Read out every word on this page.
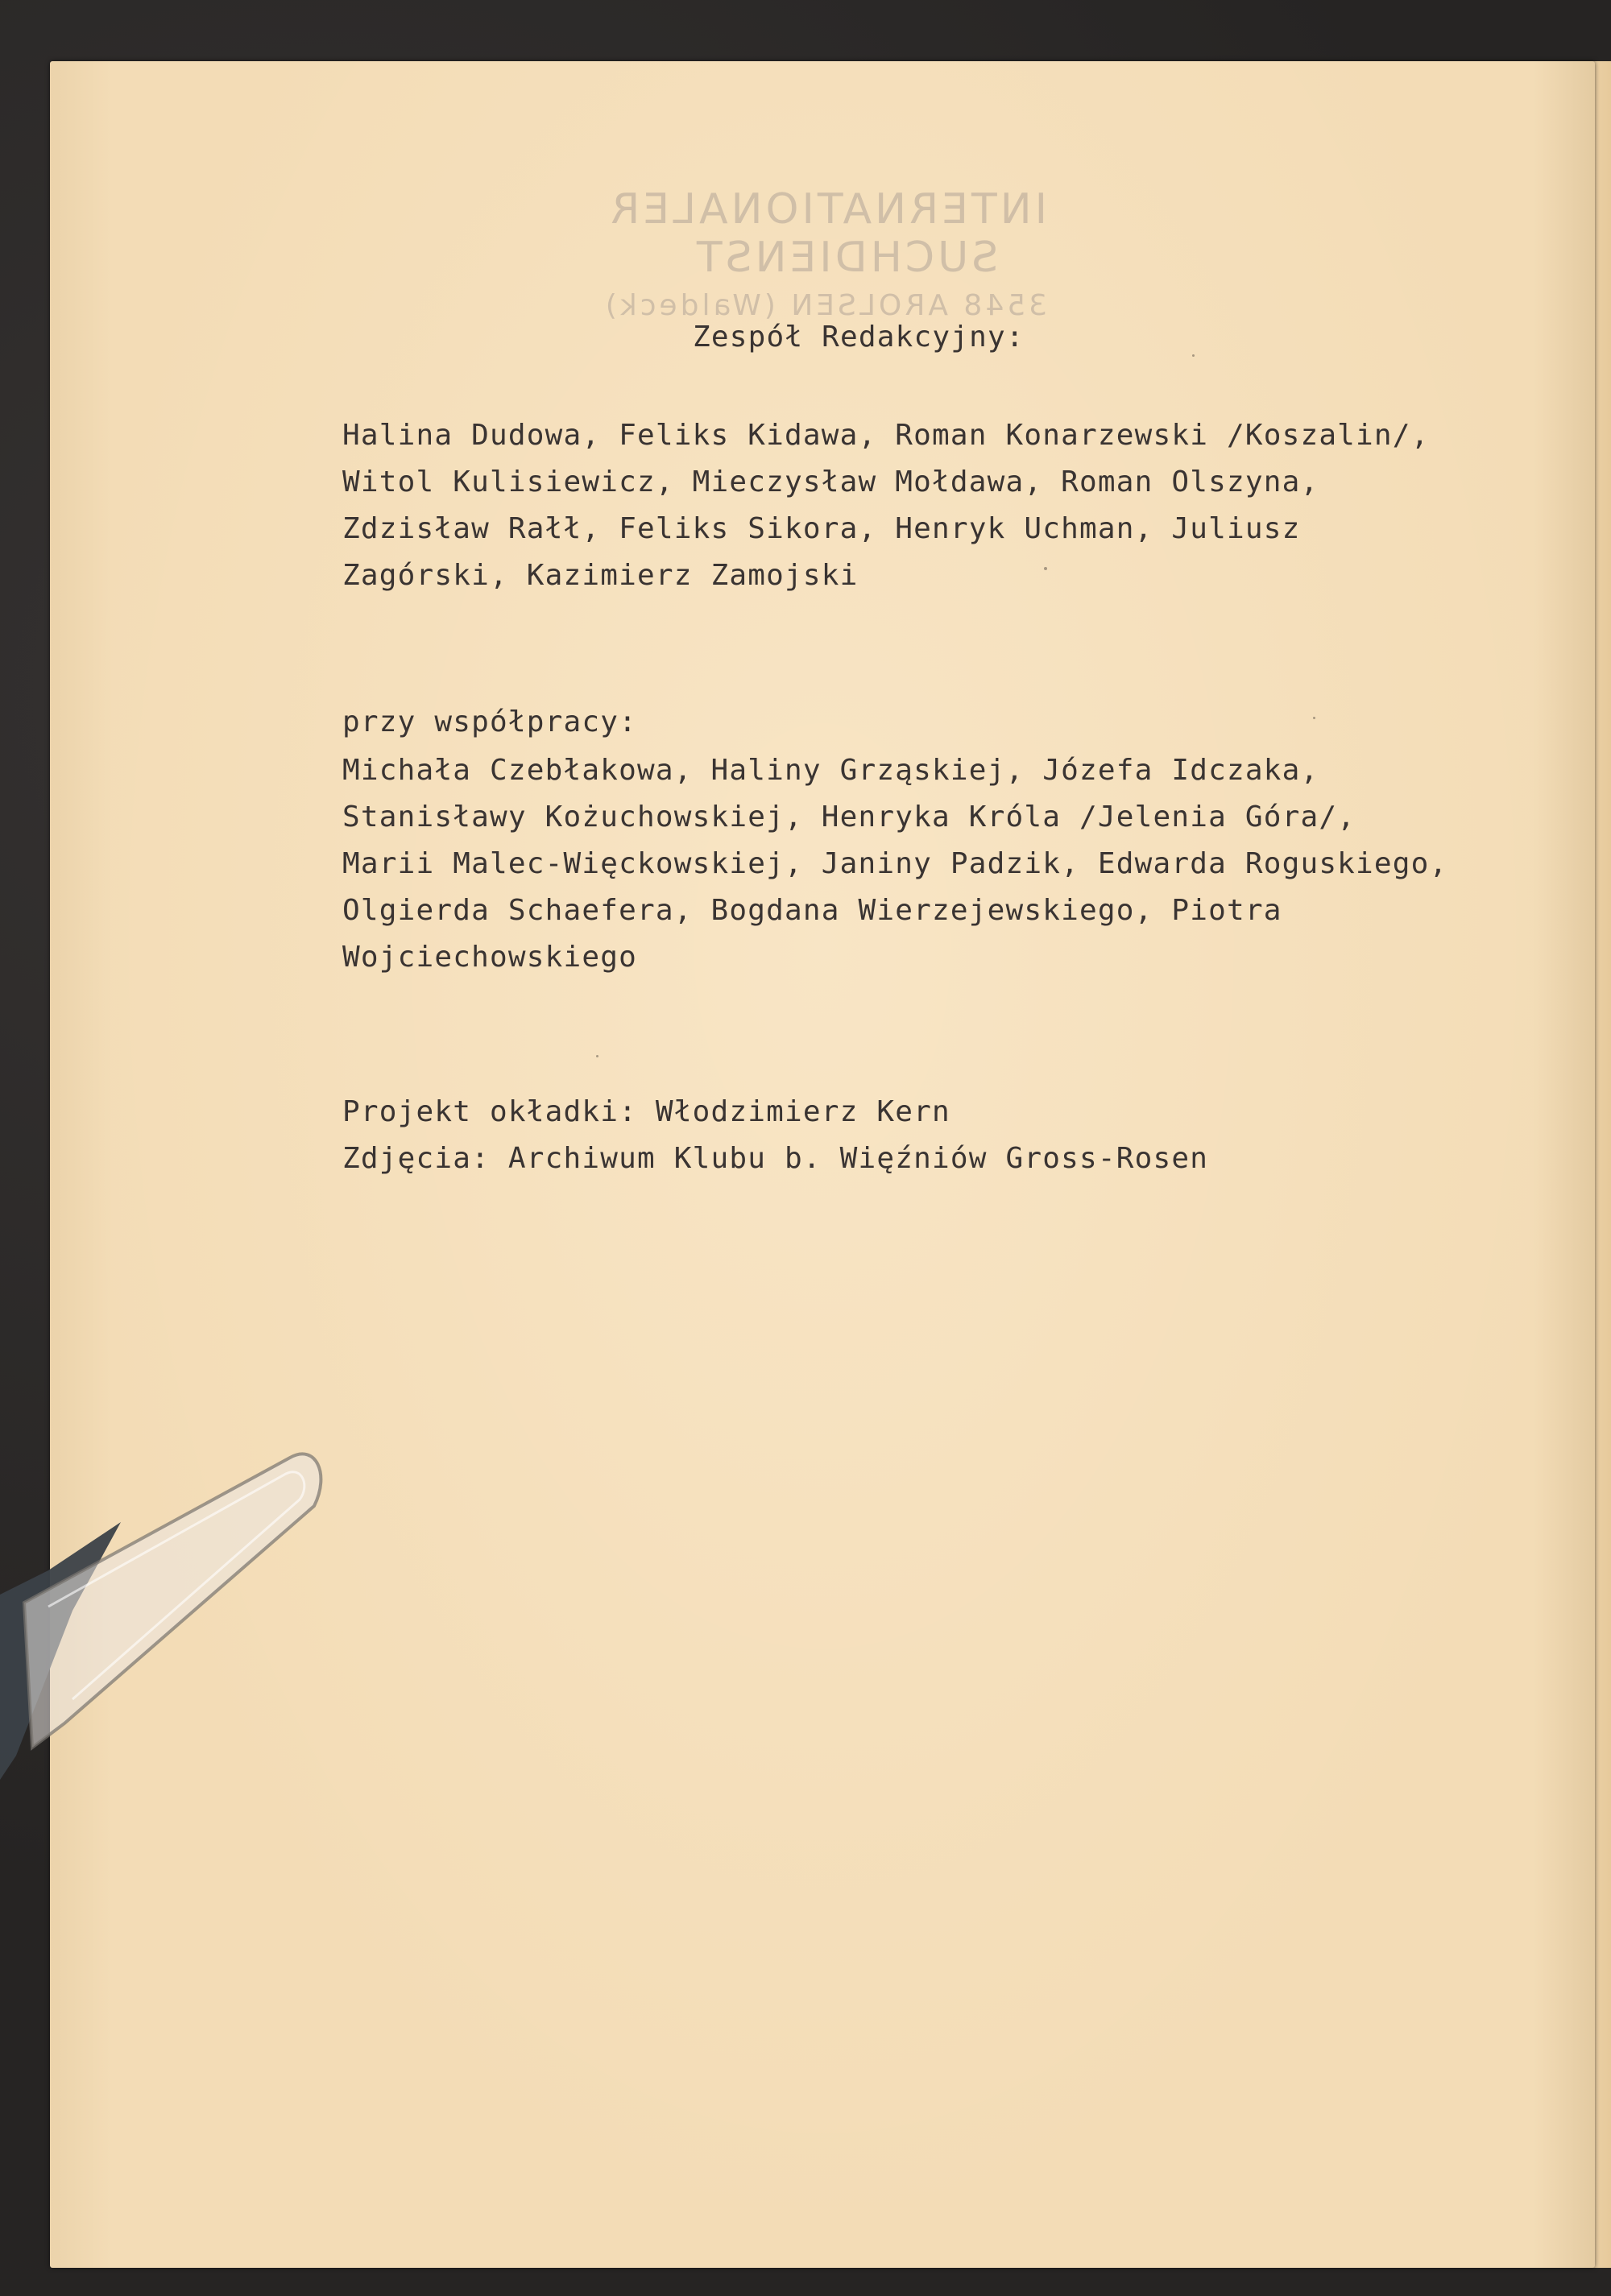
INTERNATIONALER
SUCHDIENST
3548 AROLSEN (Waldeck)
Zespół Redakcyjny:
Halina Dudowa, Feliks Kidawa, Roman Konarzewski /Koszalin/,
Witol Kulisiewicz, Mieczysław Mołdawa, Roman Olszyna,
Zdzisław Rałł, Feliks Sikora, Henryk Uchman, Juliusz
Zagórski, Kazimierz Zamojski
przy współpracy:
Michała Czebłakowa, Haliny Grząskiej, Józefa Idczaka,
Stanisławy Kożuchowskiej, Henryka Króla /Jelenia Góra/,
Marii Malec-Więckowskiej, Janiny Padzik, Edwarda Roguskiego,
Olgierda Schaefera, Bogdana Wierzejewskiego, Piotra
Wojciechowskiego
Projekt okładki: Włodzimierz Kern
Zdjęcia: Archiwum Klubu b. Więźniów Gross-Rosen
